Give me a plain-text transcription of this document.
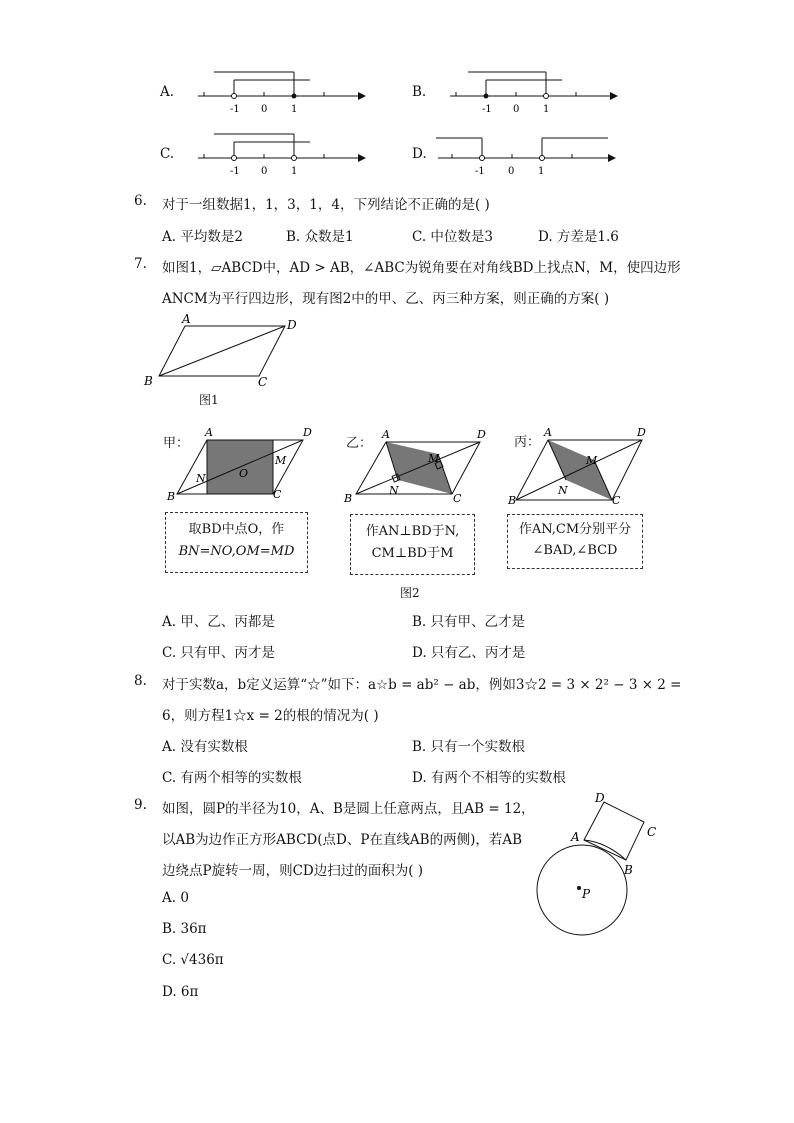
A.
-1 0 1
B.
-1 0 1
C.
-1 0 1
D.
-1 0 1
6. 对于一组数据1，1，3，1，4，下列结论不正确的是( )
A. 平均数是2	B. 众数是1	C. 中位数是3	D. 方差是1.6
7. 如图1，▱ABCD中，AD > AB，∠ABC为锐角要在对角线BD上找点N，M，使四边形
ANCM为平行四边形，现有图2中的甲、乙、丙三种方案，则正确的方案( )
A	D
B	C
图1
甲：
A	D
B	C
N	O
M
取BD中点O，作
BN=NO,OM=MD
乙：
A	D
B	C
N
M
作AN⊥BD于N,
CM⊥BD于M
丙：
A	D
B	C
N
M
作AN,CM分别平分
∠BAD,∠BCD
图2
A. 甲、乙、丙都是	B. 只有甲、乙才是
C. 只有甲、丙才是	D. 只有乙、丙才是
8. 对于实数a，b定义运算“☆”如下：a☆b = ab² − ab，例如3☆2 = 3 × 2² − 3 × 2 =
6，则方程1☆x = 2的根的情况为( )
A. 没有实数根	B. 只有一个实数根
C. 有两个相等的实数根	D. 有两个不相等的实数根
9. 如图，圆P的半径为10，A、B是圆上任意两点，且AB = 12，
以AB为边作正方形ABCD(点D、P在直线AB的两侧)，若AB
边绕点P旋转一周，则CD边扫过的面积为( )
A. 0
B. 36π
C. √436π
D. 6π
P
A
B
C
D
